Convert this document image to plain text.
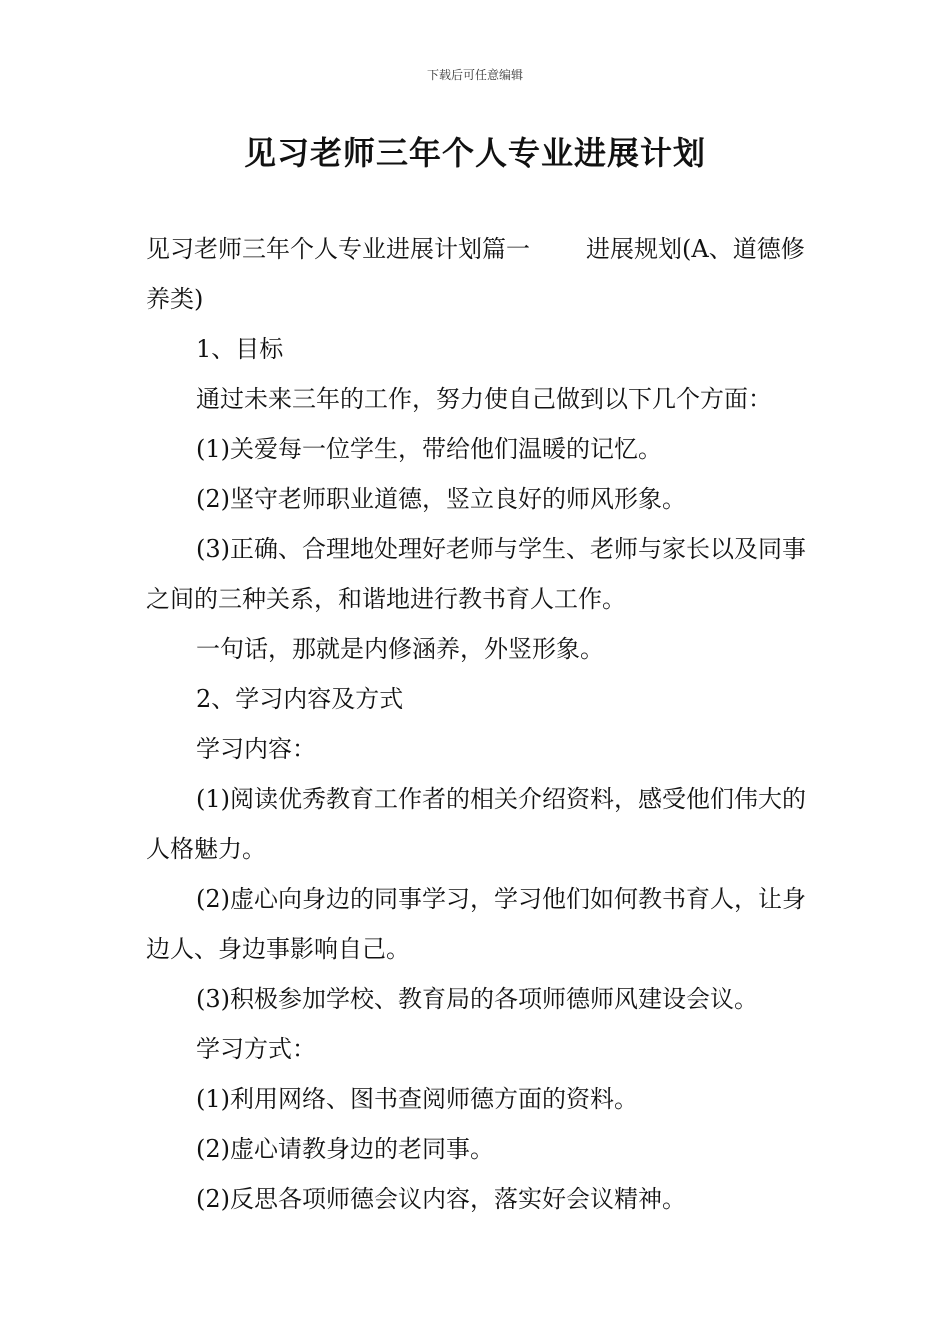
下载后可任意编辑
见习老师三年个人专业进展计划

见习老师三年个人专业进展计划篇一 进展规划(A、道德修养类)

1、目标

通过未来三年的工作，努力使自己做到以下几个方面：

(1)关爱每一位学生，带给他们温暖的记忆。

(2)坚守老师职业道德，竖立良好的师风形象。

(3)正确、合理地处理好老师与学生、老师与家长以及同事之间的三种关系，和谐地进行教书育人工作。

一句话，那就是内修涵养，外竖形象。

2、学习内容及方式

学习内容：

(1)阅读优秀教育工作者的相关介绍资料，感受他们伟大的人格魅力。

(2)虚心向身边的同事学习，学习他们如何教书育人，让身边人、身边事影响自己。

(3)积极参加学校、教育局的各项师德师风建设会议。

学习方式：

(1)利用网络、图书查阅师德方面的资料。

(2)虚心请教身边的老同事。

(2)反思各项师德会议内容，落实好会议精神。
